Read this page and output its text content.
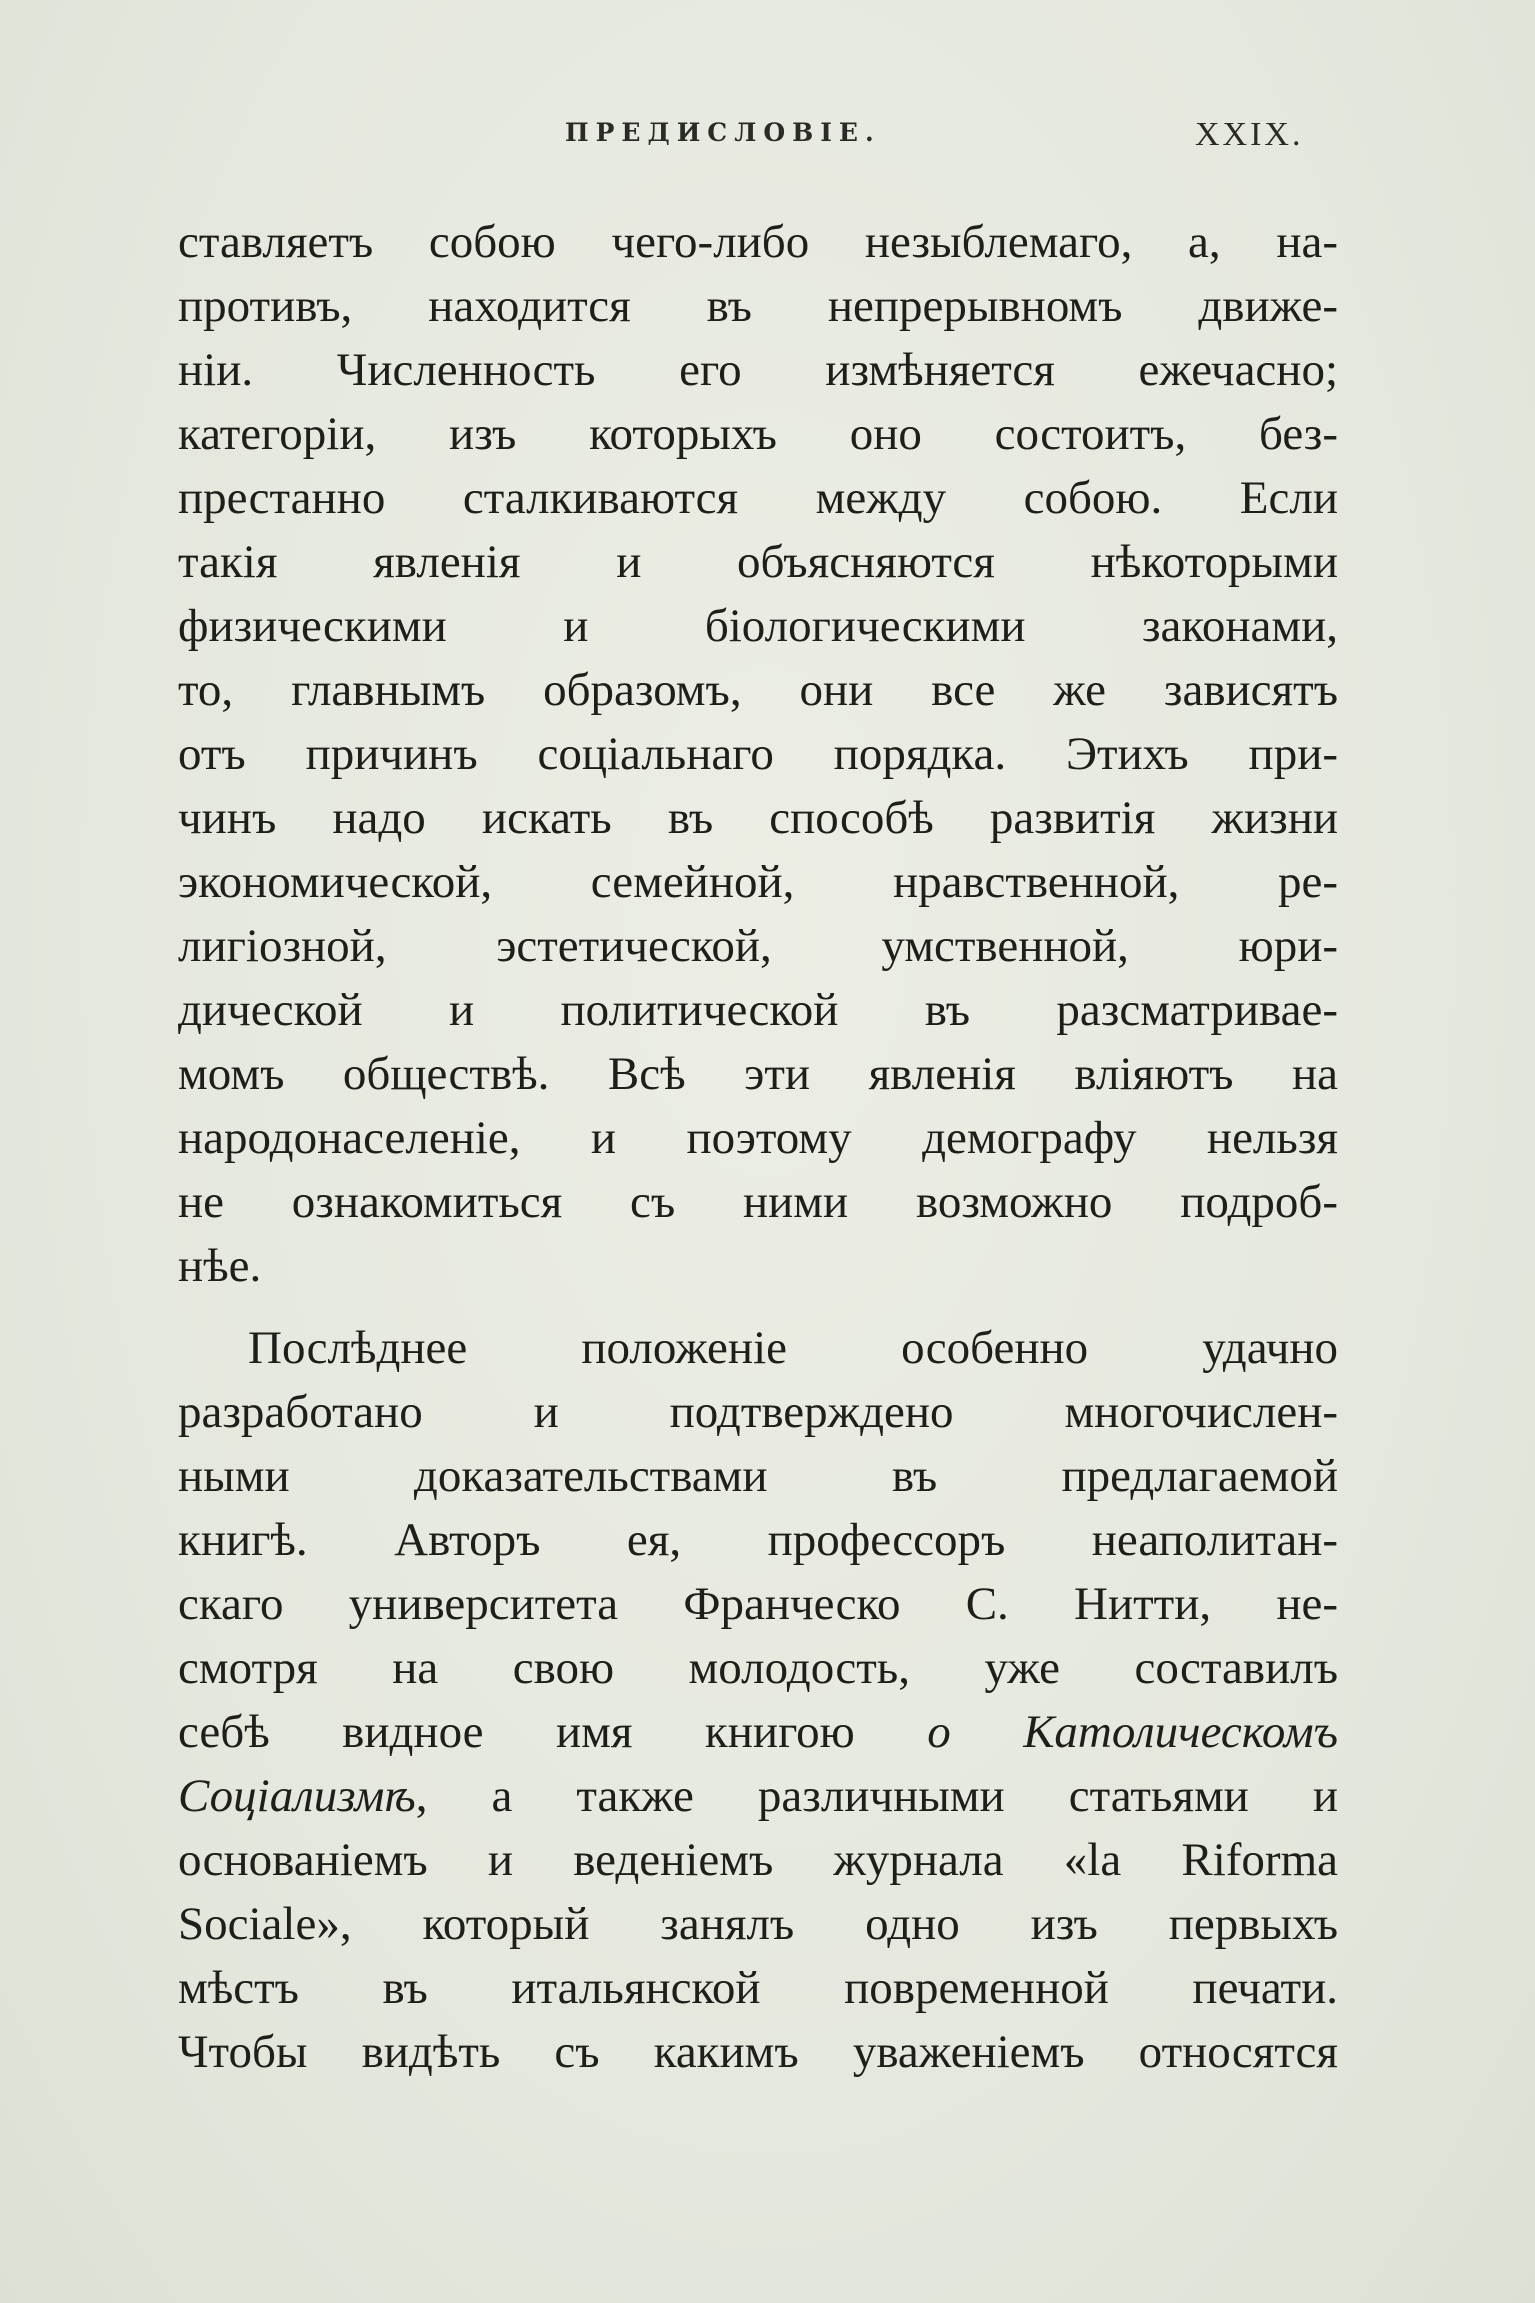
ПРЕДИСЛОВІЕ.	XXIX.
ставляетъ собою чего-либо незыблемаго, а, на-
противъ, находится въ непрерывномъ движе-
ніи. Численность его измѣняется ежечасно;
категоріи, изъ которыхъ оно состоитъ, без-
престанно сталкиваются между собою. Если
такія явленія и объясняются нѣкоторыми
физическими и біологическими законами,
то, главнымъ образомъ, они все же зависятъ
отъ причинъ соціальнаго порядка. Этихъ при-
чинъ надо искать въ способѣ развитія жизни
экономической, семейной, нравственной, ре-
лигіозной, эстетической, умственной, юри-
дической и политической въ разсматривае-
момъ обществѣ. Всѣ эти явленія вліяютъ на
народонаселеніе, и поэтому демографу нельзя
не ознакомиться съ ними возможно подроб-
нѣе.
Послѣднее положеніе особенно удачно
разработано и подтверждено многочислен-
ными доказательствами въ предлагаемой
книгѣ. Авторъ ея, профессоръ неаполитан-
скаго университета Франческо С. Нитти, не-
смотря на свою молодость, уже составилъ
себѣ видное имя книгою о Католическомъ
Соціализмѣ, а также различными статьями и
основаніемъ и веденіемъ журнала «la Riforma
Sociale», который занялъ одно изъ первыхъ
мѣстъ въ итальянской повременной печати.
Чтобы видѣть съ какимъ уваженіемъ относятся
